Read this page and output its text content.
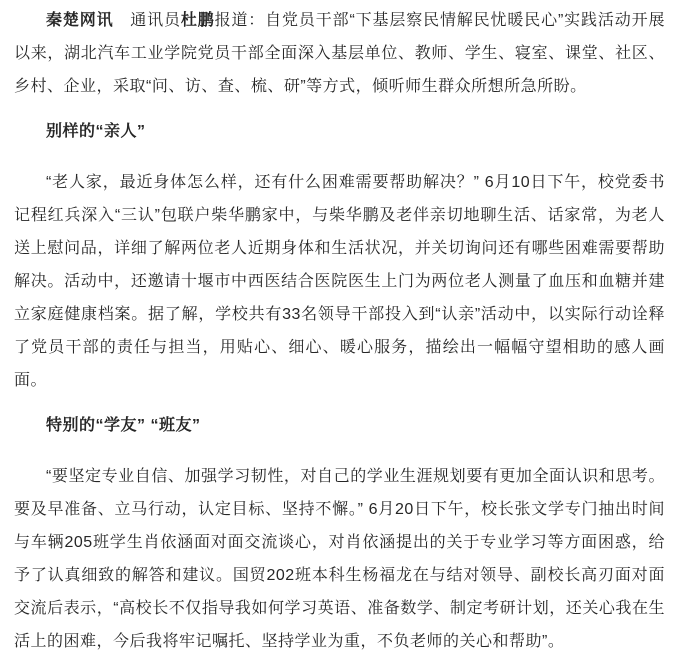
秦楚网讯　通讯员杜鹏报道：自党员干部“下基层察民情解民忧暖民心”实践活动开展以来，湖北汽车工业学院党员干部全面深入基层单位、教师、学生、寝室、课堂、社区、乡村、企业，采取“问、访、查、梳、研”等方式，倾听师生群众所想所急所盼。

别样的“亲人”

“老人家，最近身体怎么样，还有什么困难需要帮助解决？” 6月10日下午，校党委书记程红兵深入“三认”包联户柴华鹏家中，与柴华鹏及老伴亲切地聊生活、话家常，为老人送上慰问品，详细了解两位老人近期身体和生活状况，并关切询问还有哪些困难需要帮助解决。活动中，还邀请十堰市中西医结合医院医生上门为两位老人测量了血压和血糖并建立家庭健康档案。据了解，学校共有33名领导干部投入到“认亲”活动中，以实际行动诠释了党员干部的责任与担当，用贴心、细心、暖心服务，描绘出一幅幅守望相助的感人画面。

特别的“学友” “班友”

“要坚定专业自信、加强学习韧性，对自己的学业生涯规划要有更加全面认识和思考。要及早准备、立马行动，认定目标、坚持不懈。” 6月20日下午，校长张文学专门抽出时间与车辆205班学生肖依涵面对面交流谈心，对肖依涵提出的关于专业学习等方面困惑，给予了认真细致的解答和建议。国贸202班本科生杨福龙在与结对领导、副校长高刃面对面交流后表示，“高校长不仅指导我如何学习英语、准备数学、制定考研计划，还关心我在生活上的困难，今后我将牢记嘱托、坚持学业为重，不负老师的关心和帮助”。
